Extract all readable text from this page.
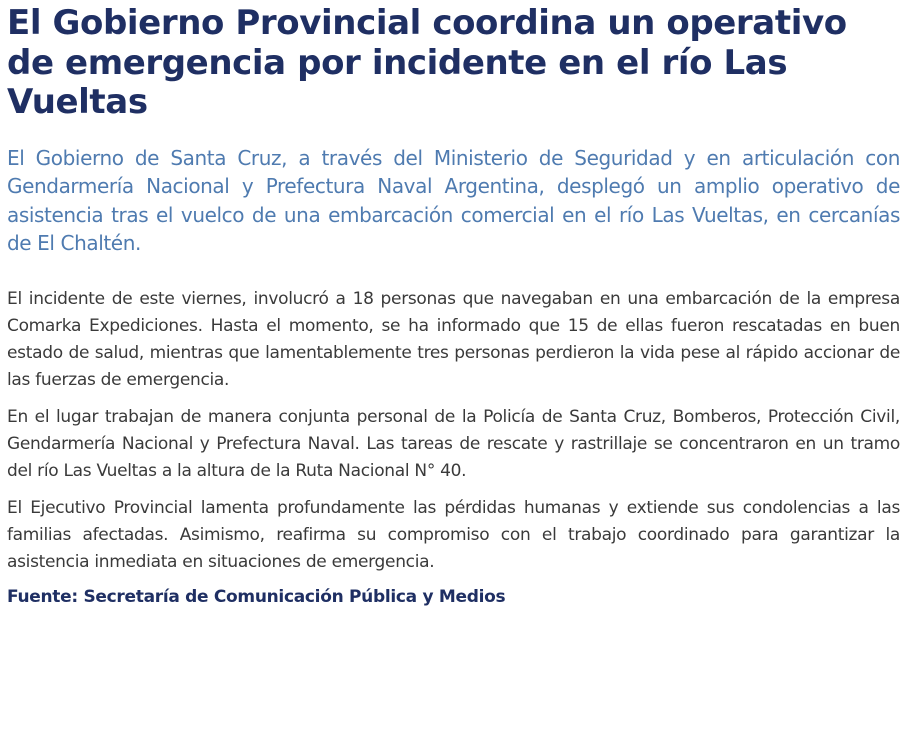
El Gobierno Provincial coordina un operativo de emergencia por incidente en el río Las Vueltas

El Gobierno de Santa Cruz, a través del Ministerio de Seguridad y en articulación con Gendarmería Nacional y Prefectura Naval Argentina, desplegó un amplio operativo de asistencia tras el vuelco de una embarcación comercial en el río Las Vueltas, en cercanías de El Chaltén.

El incidente de este viernes, involucró a 18 personas que navegaban en una embarcación de la empresa Comarka Expediciones. Hasta el momento, se ha informado que 15 de ellas fueron rescatadas en buen estado de salud, mientras que lamentablemente tres personas perdieron la vida pese al rápido accionar de las fuerzas de emergencia.

En el lugar trabajan de manera conjunta personal de la Policía de Santa Cruz, Bomberos, Protección Civil, Gendarmería Nacional y Prefectura Naval. Las tareas de rescate y rastrillaje se concentraron en un tramo del río Las Vueltas a la altura de la Ruta Nacional N° 40.

El Ejecutivo Provincial lamenta profundamente las pérdidas humanas y extiende sus condolencias a las familias afectadas. Asimismo, reafirma su compromiso con el trabajo coordinado para garantizar la asistencia inmediata en situaciones de emergencia.

Fuente: Secretaría de Comunicación Pública y Medios
